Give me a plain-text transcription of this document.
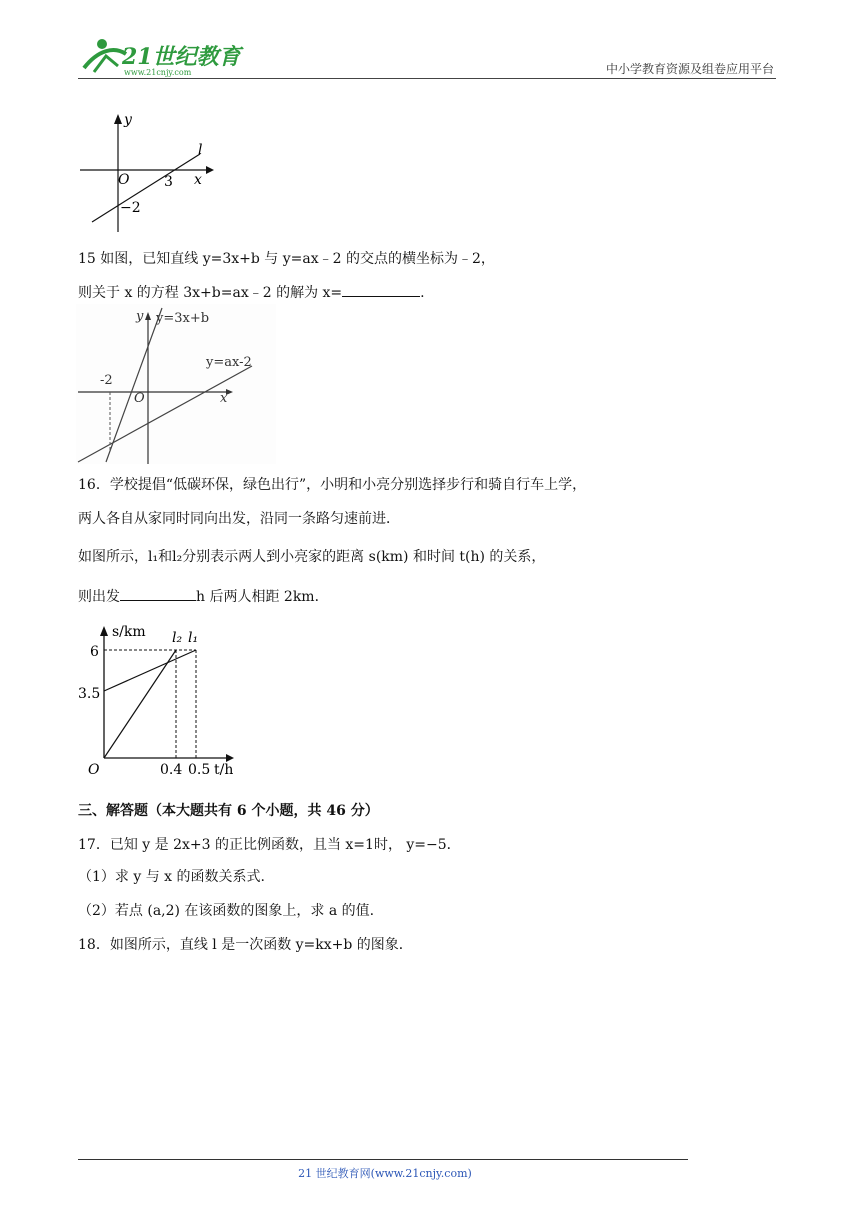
21世纪教育
www.21cnjy.com	中小学教育资源及组卷应用平台
y
l
O 3 x
−2
15 如图，已知直线 y=3x+b 与 y=ax﹣2 的交点的横坐标为﹣2，
则关于 x 的方程 3x+b=ax﹣2 的解为 x=	.
y y=3x+b
y=ax-2
-2
O	x
16．学校提倡“低碳环保，绿色出行”，小明和小亮分别选择步行和骑自行车上学，
两人各自从家同时同向出发，沿同一条路匀速前进．
如图所示，l₁和l₂分别表示两人到小亮家的距离 s(km) 和时间 t(h) 的关系，
则出发	h 后两人相距 2km．
s/km l₂ l₁
6
3.5
O	0.4 0.5 t/h
三、解答题（本大题共有 6 个小题，共 46 分）
17．已知 y 是 2x+3 的正比例函数，且当 x=1时， y=−5．
（1）求 y 与 x 的函数关系式.
（2）若点 (a,2) 在该函数的图象上，求 a 的值.
18．如图所示，直线 l 是一次函数 y=kx+b 的图象．
21 世纪教育网(www.21cnjy.com)
